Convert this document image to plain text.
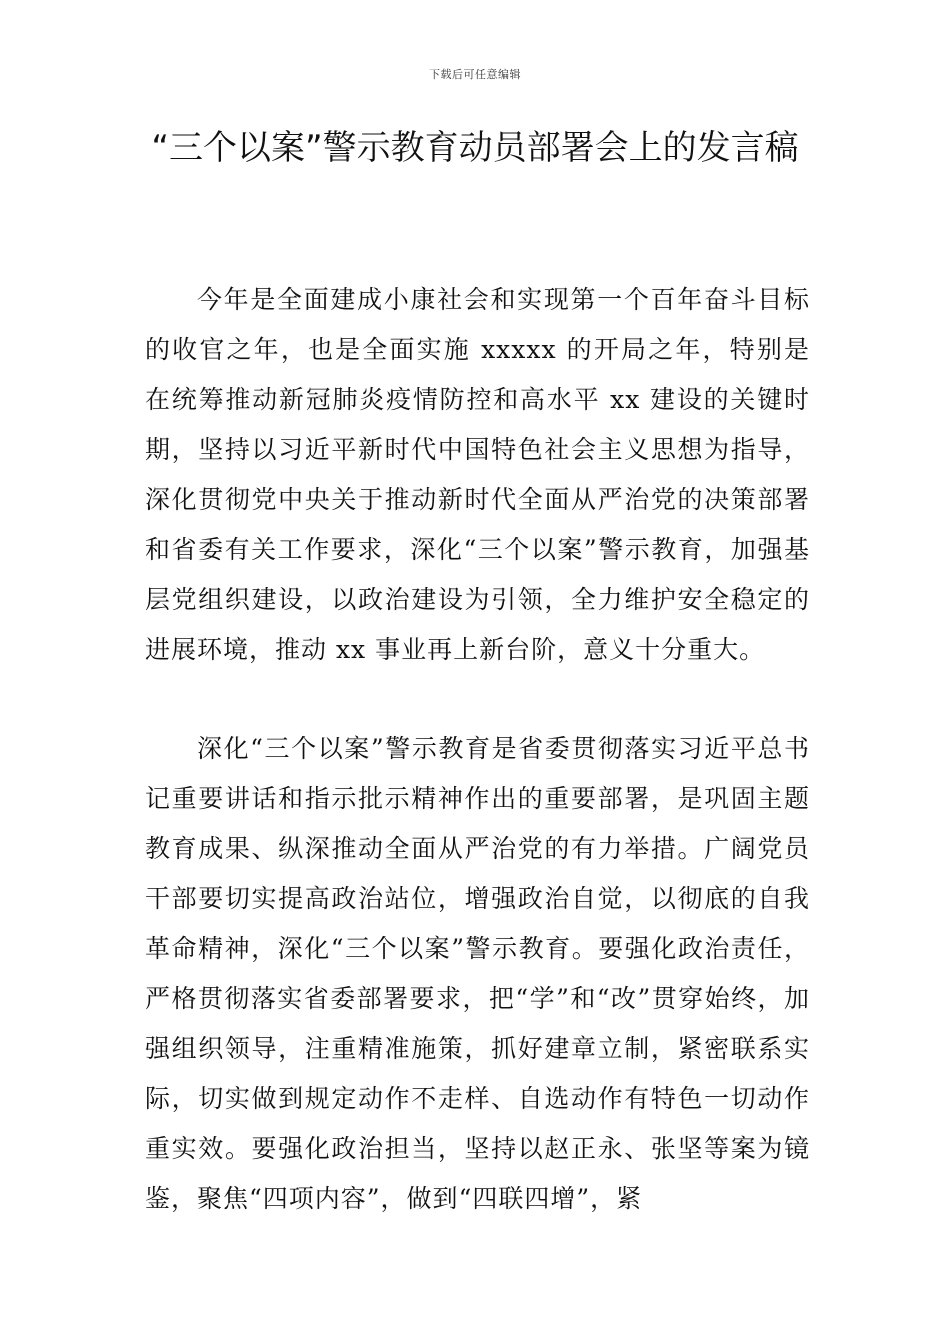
下载后可任意编辑
“三个以案”警示教育动员部署会上的发言稿

今年是全面建成小康社会和实现第一个百年奋斗目标的收官之年，也是全面实施 xxxxx 的开局之年，特别是在统筹推动新冠肺炎疫情防控和高水平 xx 建设的关键时期，坚持以习近平新时代中国特色社会主义思想为指导，深化贯彻党中央关于推动新时代全面从严治党的决策部署和省委有关工作要求，深化“三个以案”警示教育，加强基层党组织建设，以政治建设为引领，全力维护安全稳定的进展环境，推动 xx 事业再上新台阶，意义十分重大。

深化“三个以案”警示教育是省委贯彻落实习近平总书记重要讲话和指示批示精神作出的重要部署，是巩固主题教育成果、纵深推动全面从严治党的有力举措。广阔党员干部要切实提高政治站位，增强政治自觉，以彻底的自我革命精神，深化“三个以案”警示教育。要强化政治责任，严格贯彻落实省委部署要求，把“学”和“改”贯穿始终，加强组织领导，注重精准施策，抓好建章立制，紧密联系实际，切实做到规定动作不走样、自选动作有特色一切动作重实效。要强化政治担当，坚持以赵正永、张坚等案为镜鉴，聚焦“四项内容”，做到“四联四增”，紧
